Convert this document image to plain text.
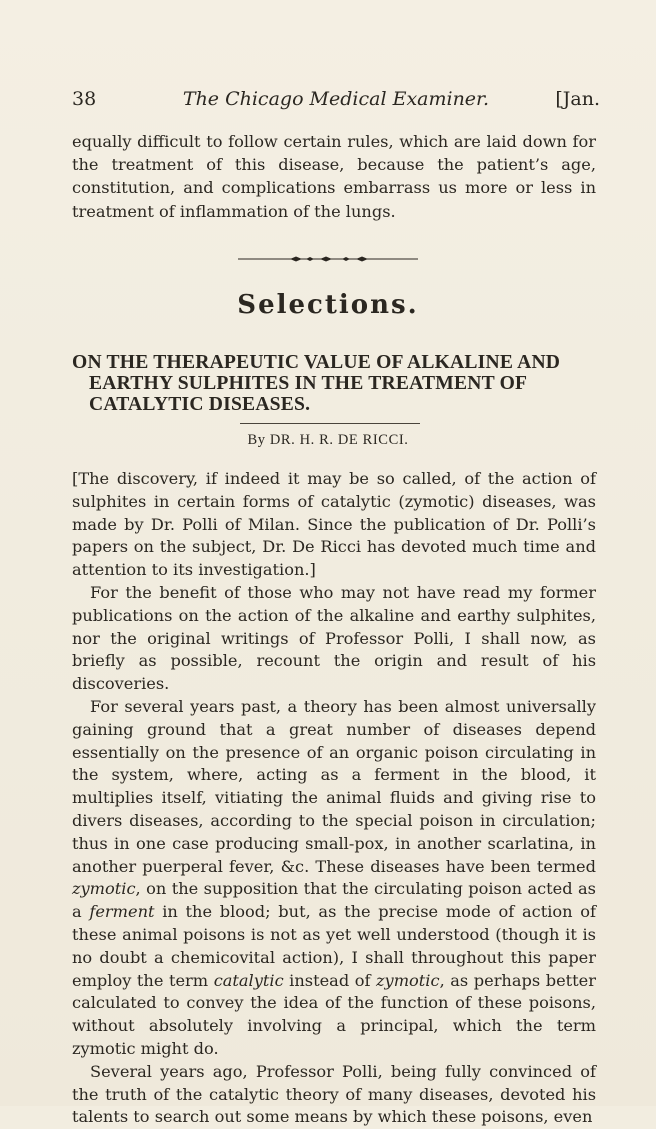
38	The Chicago Medical Examiner.	[Jan.

equally difficult to follow certain rules, which are laid down for the treatment of this disease, because the patient’s age, constitution, and complications embarrass us more or less in treatment of inflammation of the lungs.

Selections.
ON THE THERAPEUTIC VALUE OF ALKALINE AND
EARTHY SULPHITES IN THE TREATMENT OF
CATALYTIC DISEASES.
By DR. H. R. DE RICCI.

[The discovery, if indeed it may be so called, of the action of sulphites in certain forms of catalytic (zymotic) diseases, was made by Dr. Polli of Milan. Since the publication of Dr. Polli’s papers on the subject, Dr. De Ricci has devoted much time and attention to its investigation.]

For the benefit of those who may not have read my former publications on the action of the alkaline and earthy sulphites, nor the original writings of Professor Polli, I shall now, as briefly as possible, recount the origin and result of his discoveries.

For several years past, a theory has been almost universally gaining ground that a great number of diseases depend essentially on the presence of an organic poison circulating in the system, where, acting as a ferment in the blood, it multiplies itself, vitiating the animal fluids and giving rise to divers diseases, according to the special poison in circulation; thus in one case producing small-pox, in another scarlatina, in another puerperal fever, &c. These diseases have been termed zymotic, on the supposition that the circulating poison acted as a ferment in the blood; but, as the precise mode of action of these animal poisons is not as yet well understood (though it is no doubt a chemicovital action), I shall throughout this paper employ the term catalytic instead of zymotic, as perhaps better calculated to convey the idea of the function of these poisons, without absolutely involving a principal, which the term zymotic might do.

Several years ago, Professor Polli, being fully convinced of the truth of the catalytic theory of many diseases, devoted his talents to search out some means by which these poisons, even
